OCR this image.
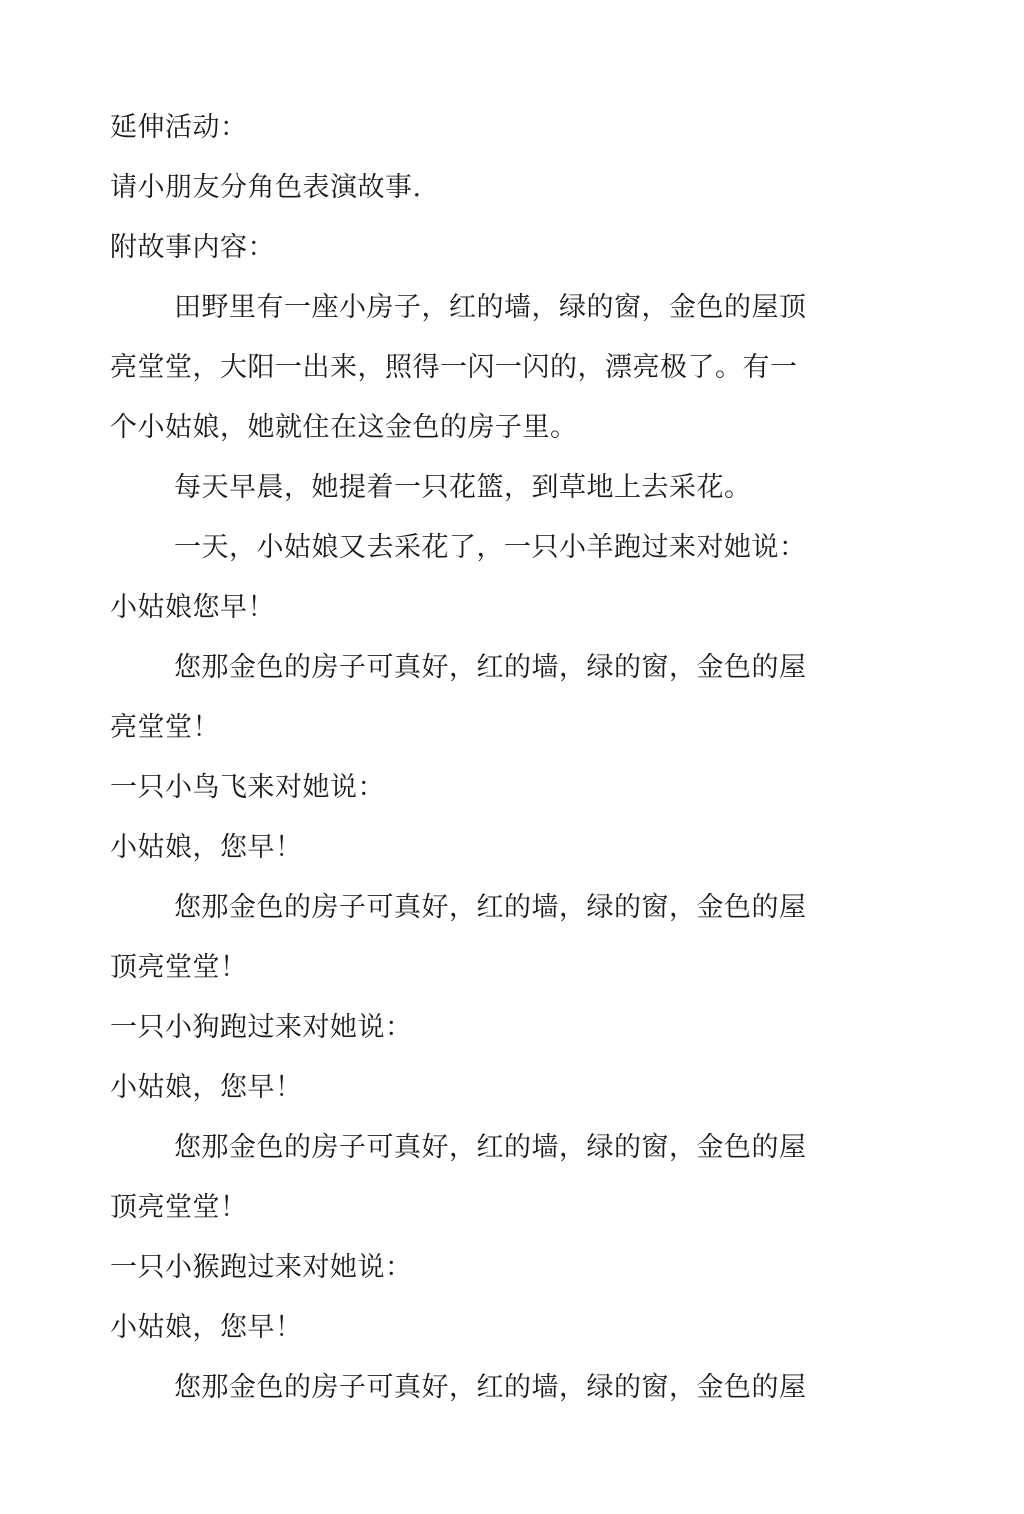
延伸活动：
请小朋友分角色表演故事.
附故事内容：
田野里有一座小房子，红的墙，绿的窗，金色的屋顶
亮堂堂，大阳一出来，照得一闪一闪的，漂亮极了。有一
个小姑娘，她就住在这金色的房子里。
每天早晨，她提着一只花篮，到草地上去采花。
一天，小姑娘又去采花了，一只小羊跑过来对她说：
小姑娘您早！
您那金色的房子可真好，红的墙，绿的窗，金色的屋
亮堂堂！
一只小鸟飞来对她说：
小姑娘，您早！
您那金色的房子可真好，红的墙，绿的窗，金色的屋
顶亮堂堂！
一只小狗跑过来对她说：
小姑娘，您早！
您那金色的房子可真好，红的墙，绿的窗，金色的屋
顶亮堂堂！
一只小猴跑过来对她说：
小姑娘，您早！
您那金色的房子可真好，红的墙，绿的窗，金色的屋
